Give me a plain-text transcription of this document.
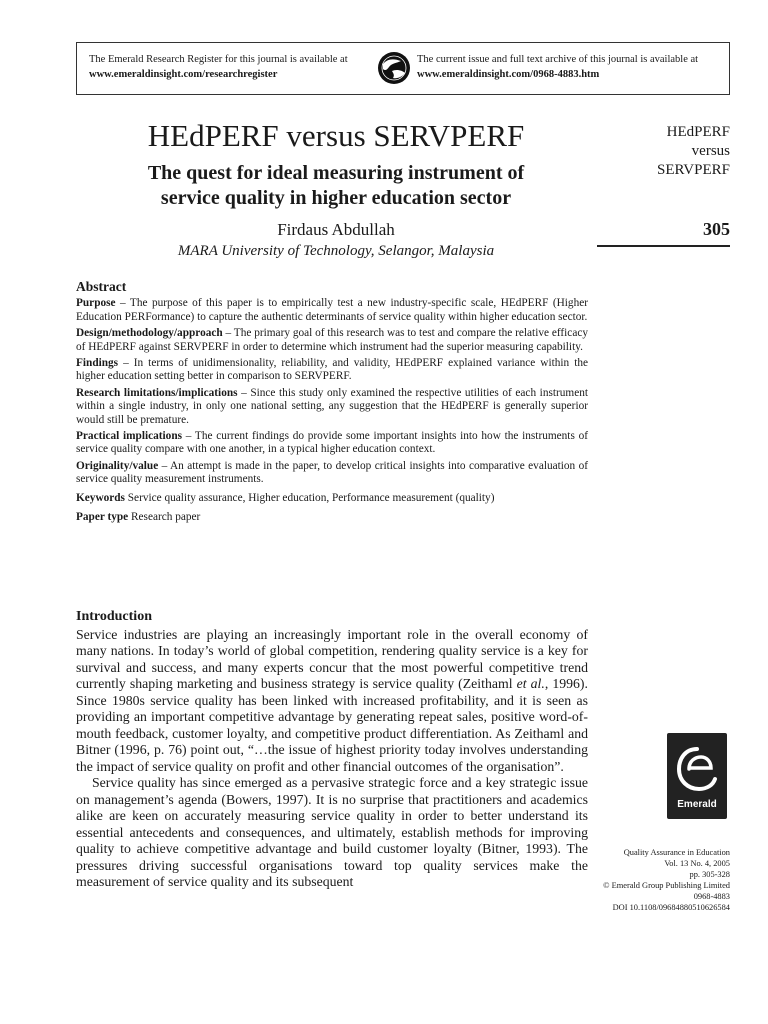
The Emerald Research Register for this journal is available at
www.emeraldinsight.com/researchregister
The current issue and full text archive of this journal is available at
www.emeraldinsight.com/0968-4883.htm
HEdPERF versus SERVPERF
The quest for ideal measuring instrument of
service quality in higher education sector
Firdaus Abdullah
MARA University of Technology, Selangor, Malaysia
HEdPERF
versus
SERVPERF
305
Abstract

Purpose – The purpose of this paper is to empirically test a new industry-specific scale, HEdPERF (Higher Education PERFormance) to capture the authentic determinants of service quality within higher education sector.

Design/methodology/approach – The primary goal of this research was to test and compare the relative efficacy of HEdPERF against SERVPERF in order to determine which instrument had the superior measuring capability.

Findings – In terms of unidimensionality, reliability, and validity, HEdPERF explained variance within the higher education setting better in comparison to SERVPERF.

Research limitations/implications – Since this study only examined the respective utilities of each instrument within a single industry, in only one national setting, any suggestion that the HEdPERF is generally superior would still be premature.

Practical implications – The current findings do provide some important insights into how the instruments of service quality compare with one another, in a typical higher education context.

Originality/value – An attempt is made in the paper, to develop critical insights into comparative evaluation of service quality measurement instruments.

Keywords Service quality assurance, Higher education, Performance measurement (quality)

Paper type Research paper

Introduction

Service industries are playing an increasingly important role in the overall economy of many nations. In today’s world of global competition, rendering quality service is a key for survival and success, and many experts concur that the most powerful competitive trend currently shaping marketing and business strategy is service quality (Zeithaml et al., 1996). Since 1980s service quality has been linked with increased profitability, and it is seen as providing an important competitive advantage by generating repeat sales, positive word-of-mouth feedback, customer loyalty, and competitive product differentiation. As Zeithaml and Bitner (1996, p. 76) point out, “…the issue of highest priority today involves understanding the impact of service quality on profit and other financial outcomes of the organisation”.

Service quality has since emerged as a pervasive strategic force and a key strategic issue on management’s agenda (Bowers, 1997). It is no surprise that practitioners and academics alike are keen on accurately measuring service quality in order to better understand its essential antecedents and consequences, and ultimately, establish methods for improving quality to achieve competitive advantage and build customer loyalty (Bitner, 1993). The pressures driving successful organisations toward top quality services make the measurement of service quality and its subsequent

Emerald
Quality Assurance in Education
Vol. 13 No. 4, 2005
pp. 305-328
© Emerald Group Publishing Limited
0968-4883
DOI 10.1108/09684880510626584
